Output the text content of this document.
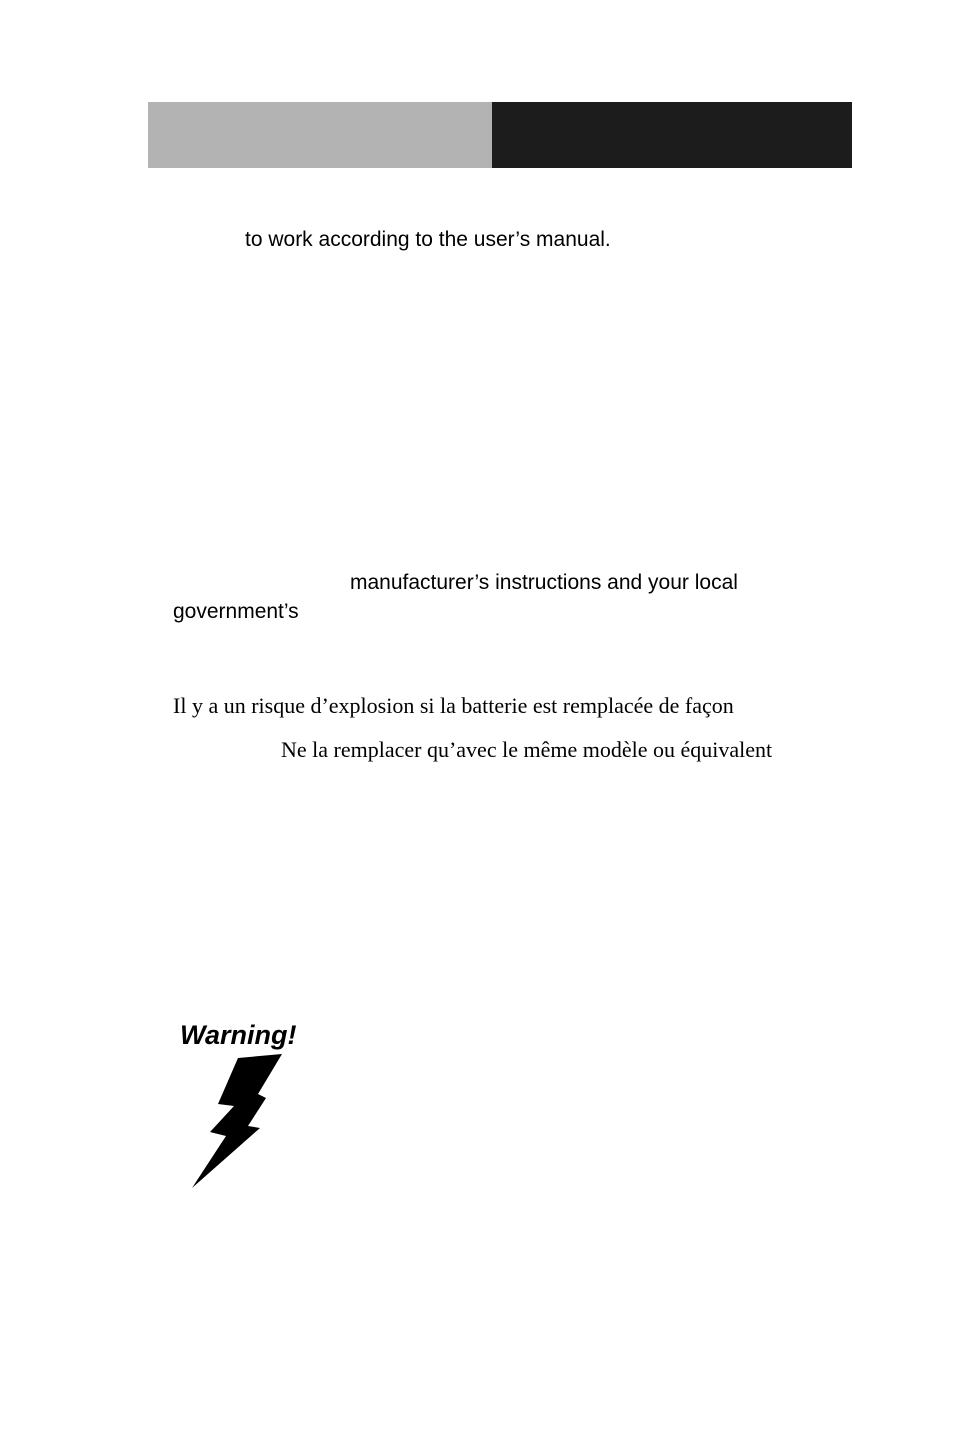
to work according to the user’s manual.
manufacturer’s instructions and your local
government’s
Il y a un risque d’explosion si la batterie est remplacée de façon
Ne la remplacer qu’avec le même modèle ou équivalent
Warning!
